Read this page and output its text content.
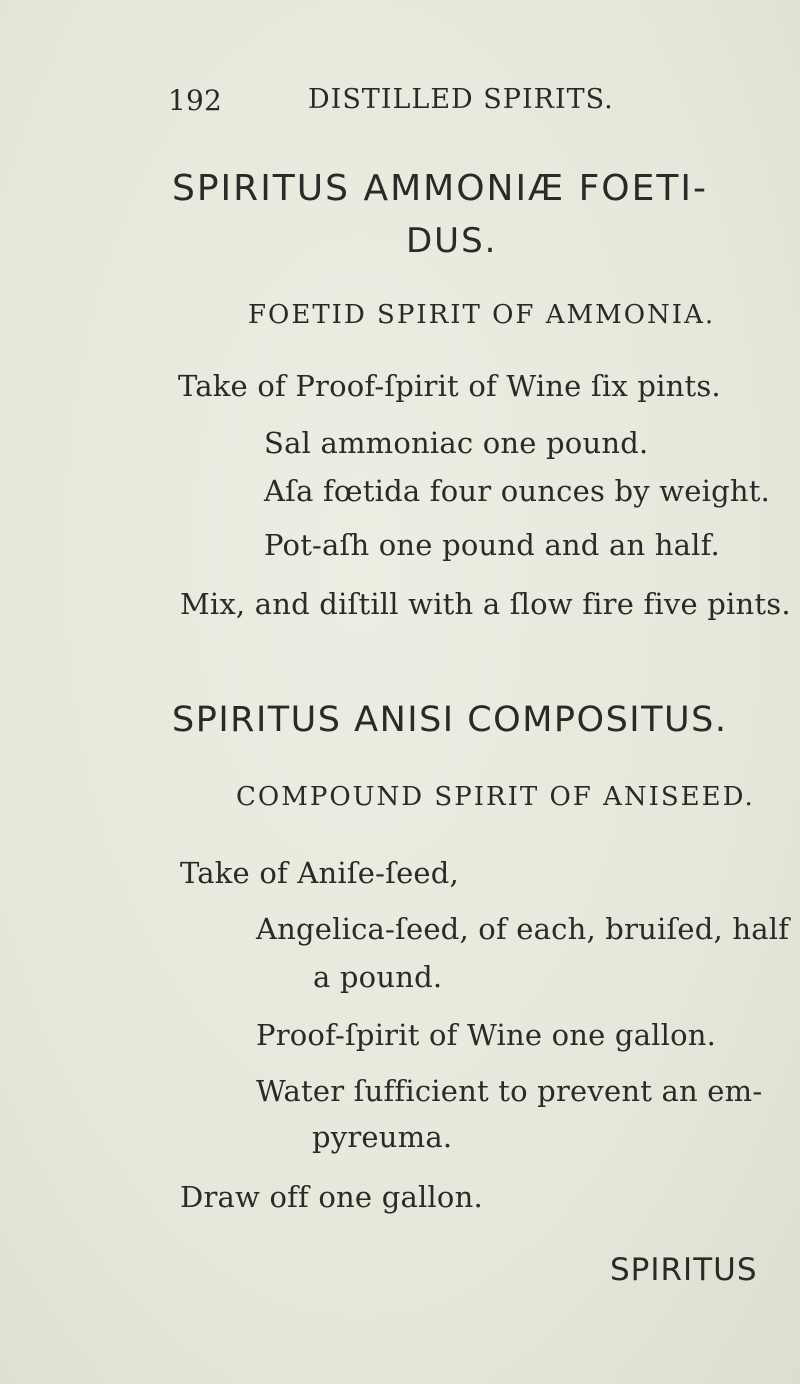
192	DISTILLED SPIRITS.
SPIRITUS AMMONIÆ FOETI-
DUS.
FOETID SPIRIT OF AMMONIA.
Take of Proof-ſpirit of Wine ſix pints.
Sal ammoniac one pound.
Aſa fœtida four ounces by weight.
Pot-aſh one pound and an half.
Mix, and diſtill with a ſlow fire five pints.
SPIRITUS ANISI COMPOSITUS.
COMPOUND SPIRIT OF ANISEED.
Take of Aniſe-ſeed,
Angelica-ſeed, of each, bruiſed, half
a pound.
Proof-ſpirit of Wine one gallon.
Water ſufficient to prevent an em-
pyreuma.
Draw off one gallon.
SPIRITUS
